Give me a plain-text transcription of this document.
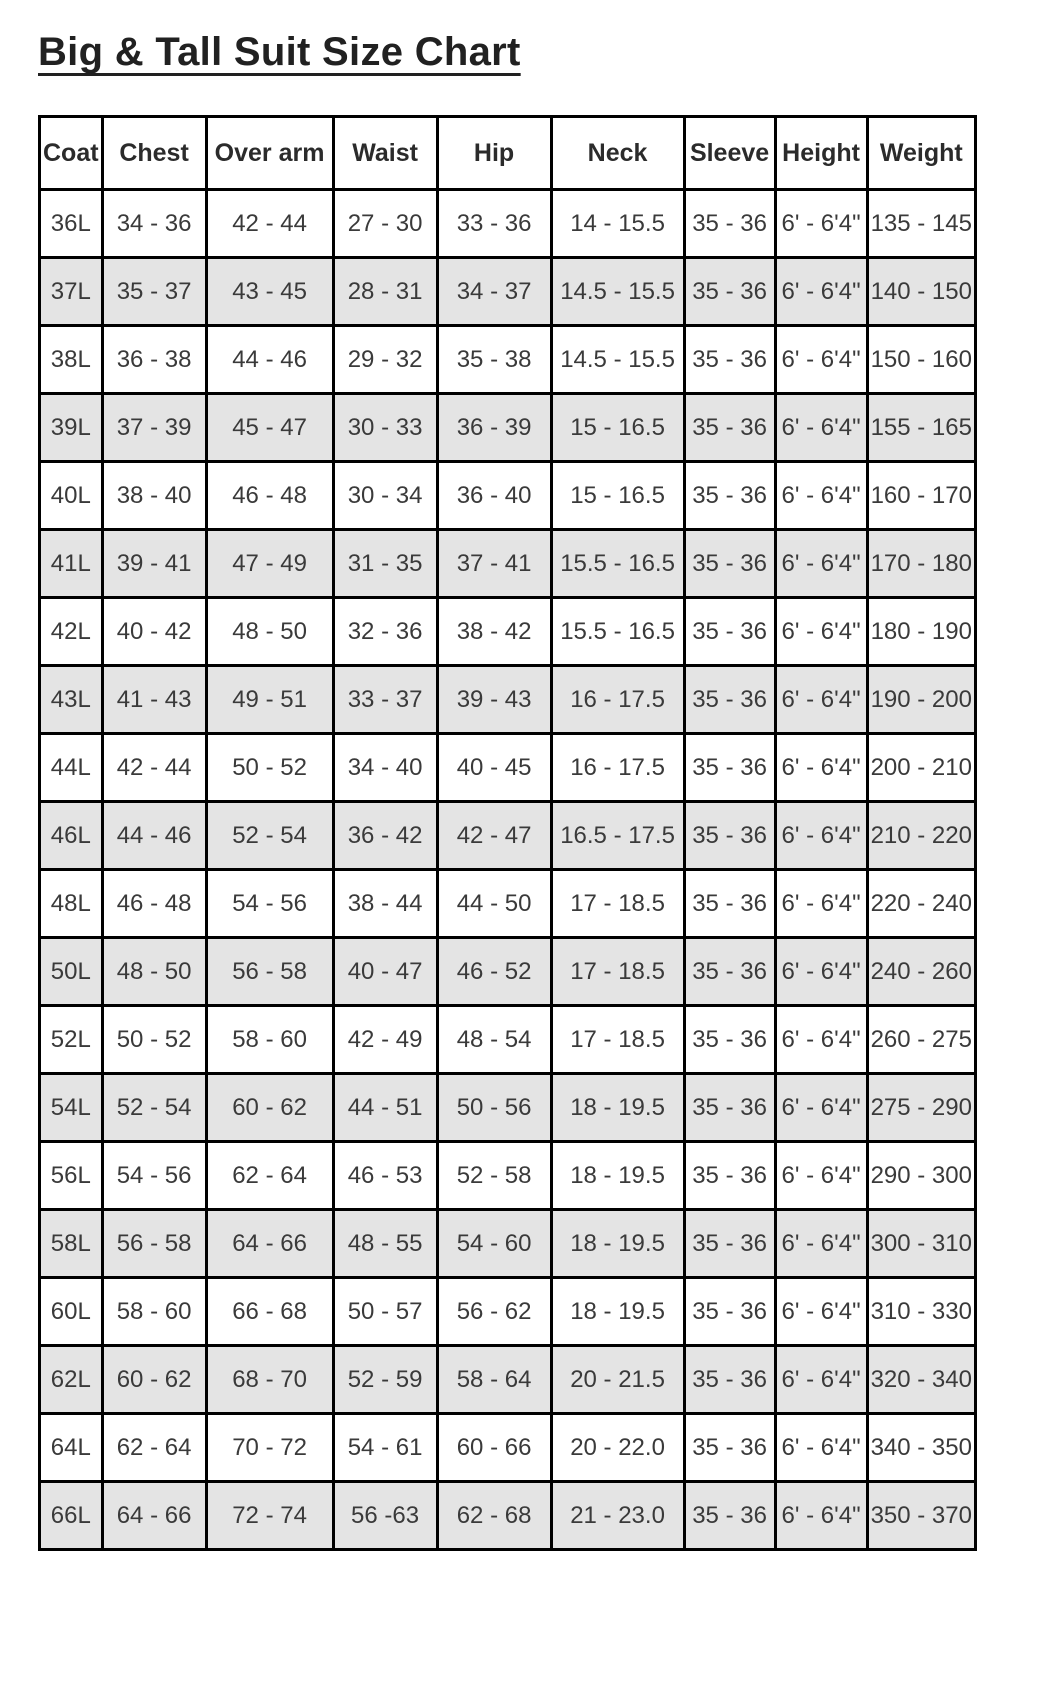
Big & Tall Suit Size Chart
Coat	Chest	Over arm	Waist	Hip	Neck	Sleeve	Height	Weight
36L	34 - 36	42 - 44	27 - 30	33 - 36	14 - 15.5	35 - 36	6' - 6'4"	135 - 145
37L	35 - 37	43 - 45	28 - 31	34 - 37	14.5 - 15.5	35 - 36	6' - 6'4"	140 - 150
38L	36 - 38	44 - 46	29 - 32	35 - 38	14.5 - 15.5	35 - 36	6' - 6'4"	150 - 160
39L	37 - 39	45 - 47	30 - 33	36 - 39	15 - 16.5	35 - 36	6' - 6'4"	155 - 165
40L	38 - 40	46 - 48	30 - 34	36 - 40	15 - 16.5	35 - 36	6' - 6'4"	160 - 170
41L	39 - 41	47 - 49	31 - 35	37 - 41	15.5 - 16.5	35 - 36	6' - 6'4"	170 - 180
42L	40 - 42	48 - 50	32 - 36	38 - 42	15.5 - 16.5	35 - 36	6' - 6'4"	180 - 190
43L	41 - 43	49 - 51	33 - 37	39 - 43	16 - 17.5	35 - 36	6' - 6'4"	190 - 200
44L	42 - 44	50 - 52	34 - 40	40 - 45	16 - 17.5	35 - 36	6' - 6'4"	200 - 210
46L	44 - 46	52 - 54	36 - 42	42 - 47	16.5 - 17.5	35 - 36	6' - 6'4"	210 - 220
48L	46 - 48	54 - 56	38 - 44	44 - 50	17 - 18.5	35 - 36	6' - 6'4"	220 - 240
50L	48 - 50	56 - 58	40 - 47	46 - 52	17 - 18.5	35 - 36	6' - 6'4"	240 - 260
52L	50 - 52	58 - 60	42 - 49	48 - 54	17 - 18.5	35 - 36	6' - 6'4"	260 - 275
54L	52 - 54	60 - 62	44 - 51	50 - 56	18 - 19.5	35 - 36	6' - 6'4"	275 - 290
56L	54 - 56	62 - 64	46 - 53	52 - 58	18 - 19.5	35 - 36	6' - 6'4"	290 - 300
58L	56 - 58	64 - 66	48 - 55	54 - 60	18 - 19.5	35 - 36	6' - 6'4"	300 - 310
60L	58 - 60	66 - 68	50 - 57	56 - 62	18 - 19.5	35 - 36	6' - 6'4"	310 - 330
62L	60 - 62	68 - 70	52 - 59	58 - 64	20 - 21.5	35 - 36	6' - 6'4"	320 - 340
64L	62 - 64	70 - 72	54 - 61	60 - 66	20 - 22.0	35 - 36	6' - 6'4"	340 - 350
66L	64 - 66	72 - 74	56 -63	62 - 68	21 - 23.0	35 - 36	6' - 6'4"	350 - 370
